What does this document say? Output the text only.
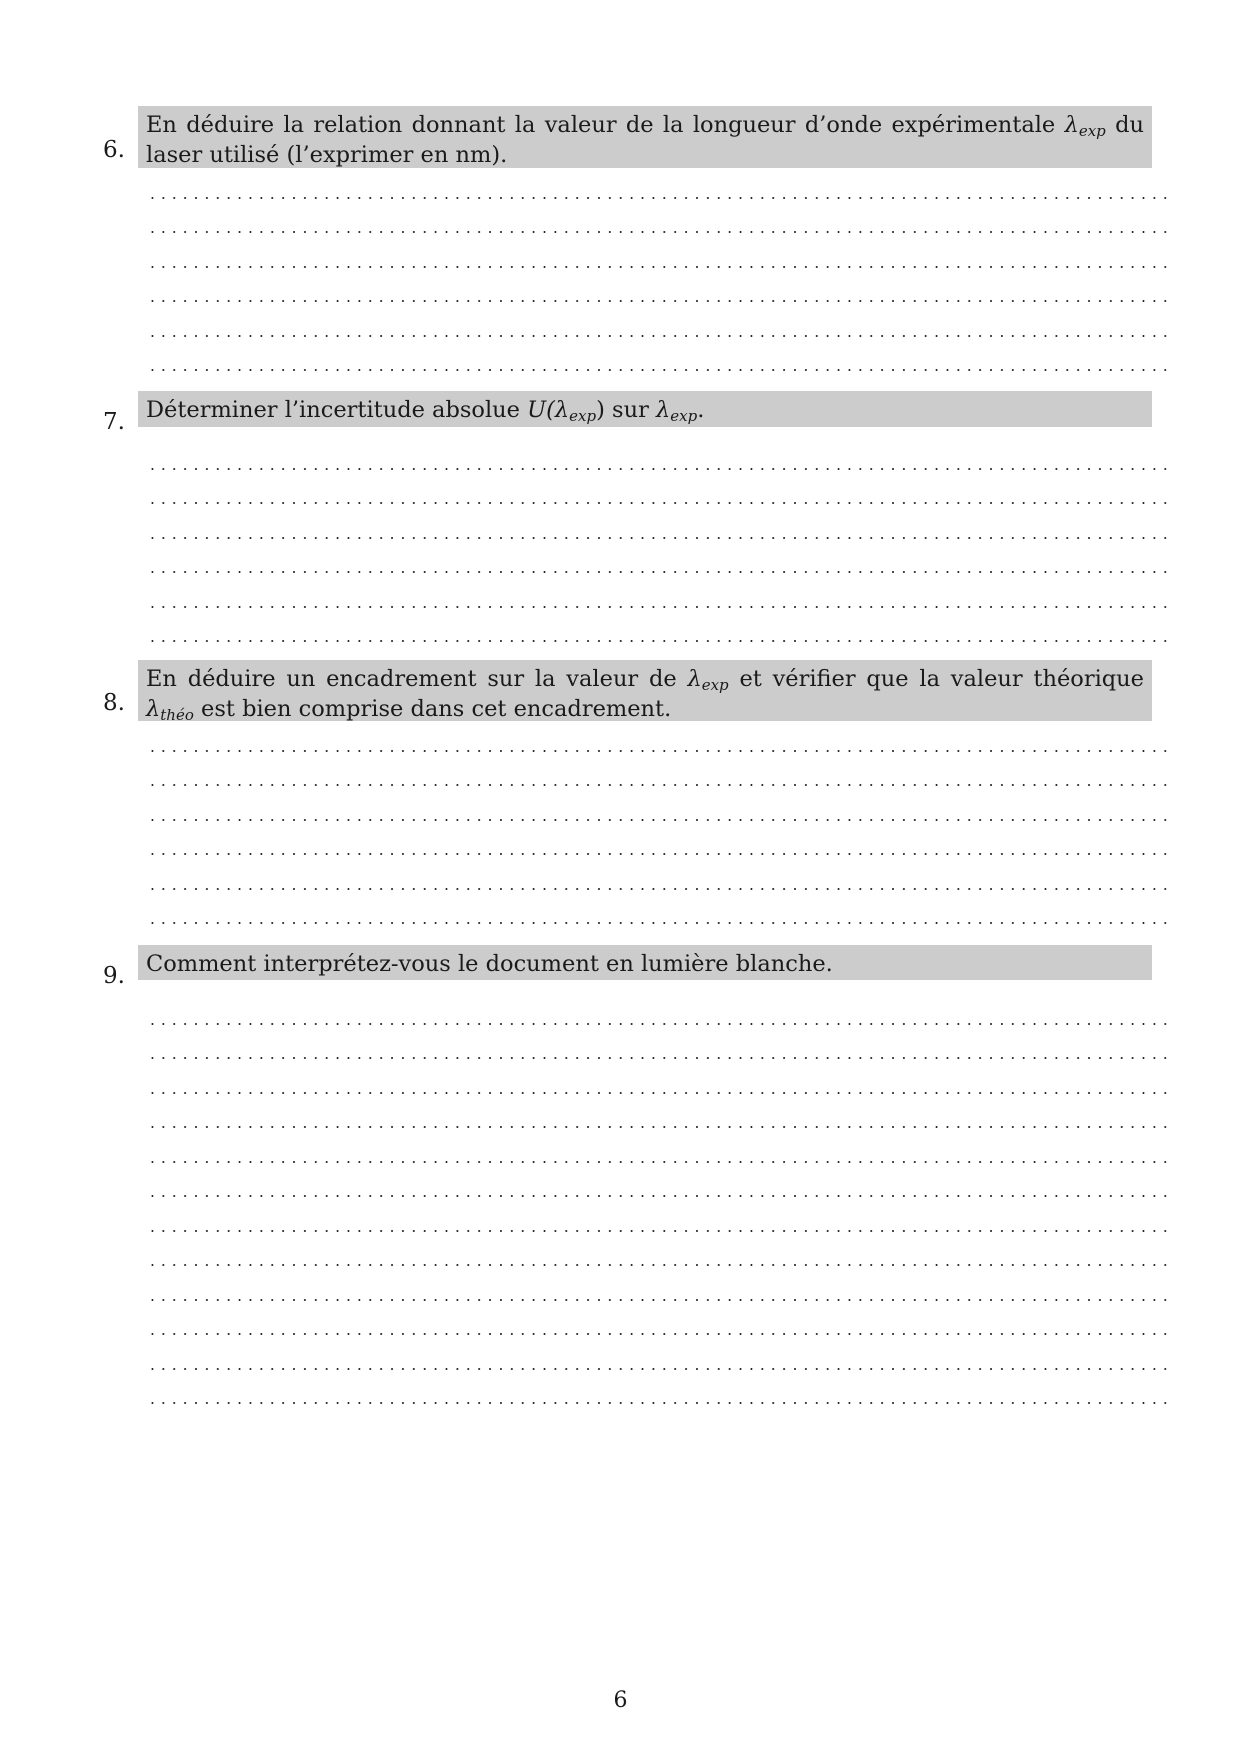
6.
En déduire la relation donnant la valeur de la longueur d’onde expérimentale $\lambda_{exp}$ du laser utilisé (l’exprimer en nm).
7. Déterminer l’incertitude absolue $U(\lambda_{exp})$ sur $\lambda_{exp}$.
8.
En déduire un encadrement sur la valeur de $\lambda_{exp}$ et vérifier que la valeur théorique $\lambda_{théo}$ est bien comprise dans cet encadrement.
9. Comment interprétez-vous le document en lumière blanche.
6
